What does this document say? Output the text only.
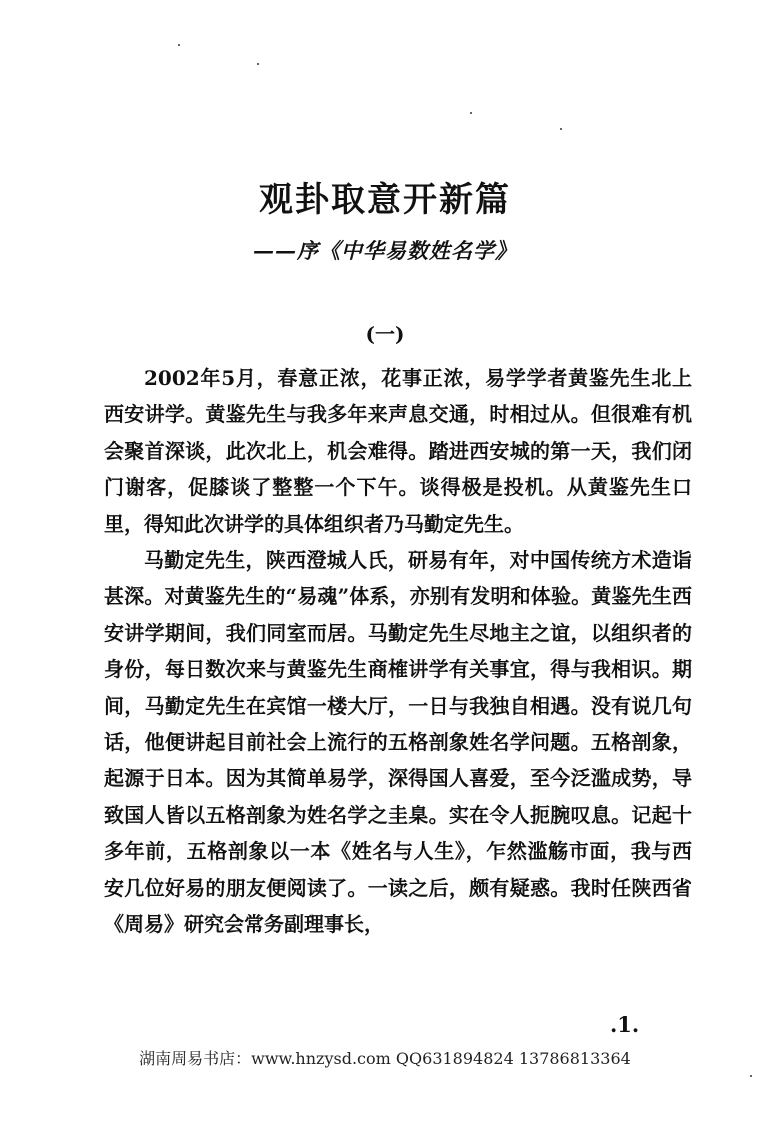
观卦取意开新篇
——序《中华易数姓名学》
(一)

2002年5月，春意正浓，花事正浓，易学学者黄鉴先生北上西安讲学。黄鉴先生与我多年来声息交通，时相过从。但很难有机会聚首深谈，此次北上，机会难得。踏进西安城的第一天，我们闭门谢客，促膝谈了整整一个下午。谈得极是投机。从黄鉴先生口里，得知此次讲学的具体组织者乃马勤定先生。

马勤定先生，陕西澄城人氏，研易有年，对中国传统方术造诣甚深。对黄鉴先生的“易魂”体系，亦别有发明和体验。黄鉴先生西安讲学期间，我们同室而居。马勤定先生尽地主之谊，以组织者的身份，每日数次来与黄鉴先生商榷讲学有关事宜，得与我相识。期间，马勤定先生在宾馆一楼大厅，一日与我独自相遇。没有说几句话，他便讲起目前社会上流行的五格剖象姓名学问题。五格剖象，起源于日本。因为其简单易学，深得国人喜爱，至今泛滥成势，导致国人皆以五格剖象为姓名学之圭臬。实在令人扼腕叹息。记起十多年前，五格剖象以一本《姓名与人生》，乍然滥觞市面，我与西安几位好易的朋友便阅读了。一读之后，颇有疑惑。我时任陕西省《周易》研究会常务副理事长，

.1.
湖南周易书店：www.hnzysd.com QQ631894824 13786813364
